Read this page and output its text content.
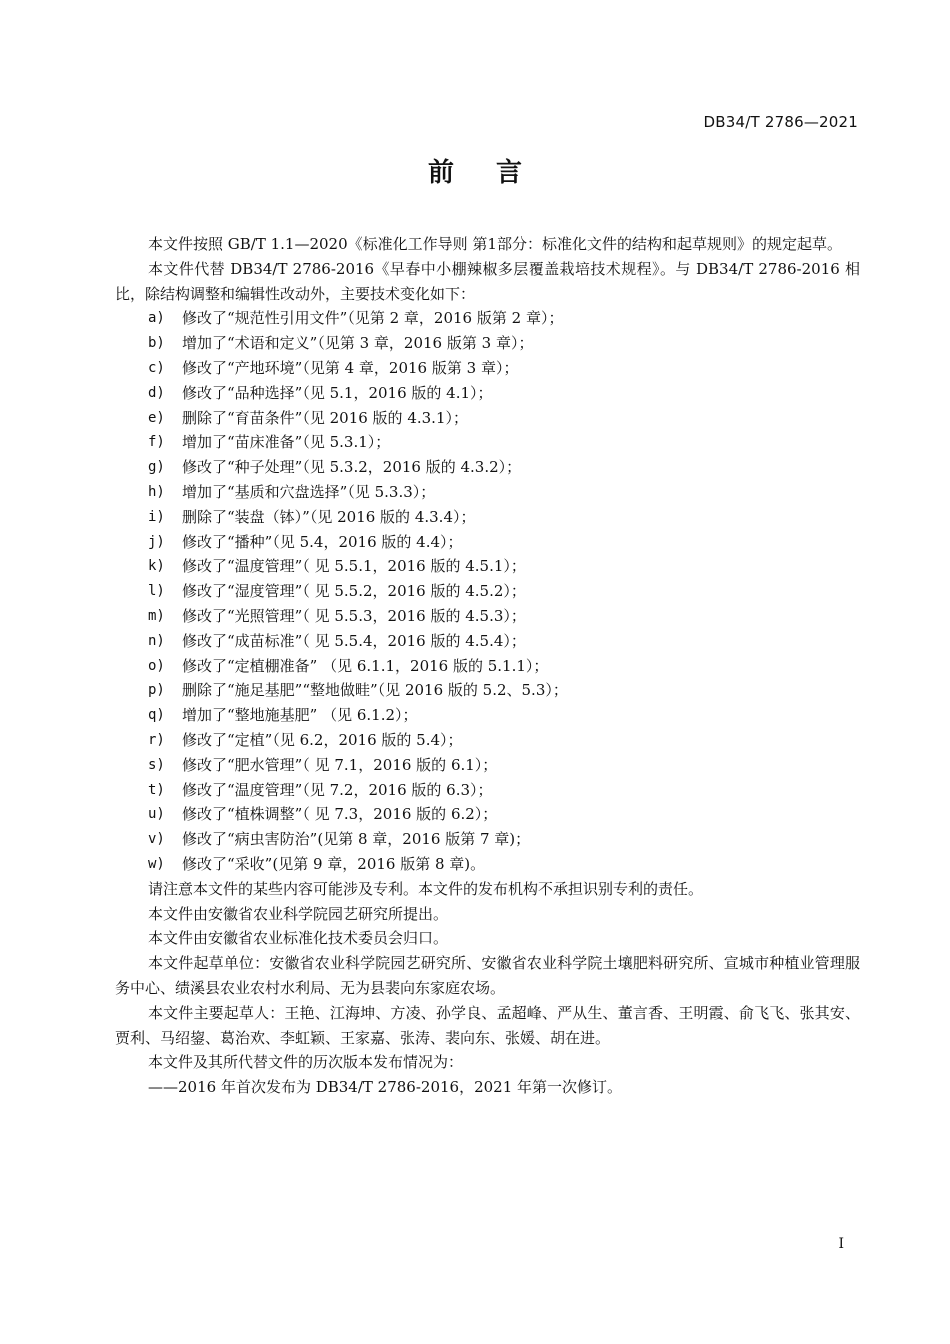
DB34/T 2786—2021
前言

本文件按照 GB/T 1.1—2020《标准化工作导则 第1部分：标准化文件的结构和起草规则》的规定起草。

本文件代替 DB34/T 2786-2016《早春中小棚辣椒多层覆盖栽培技术规程》。与 DB34/T 2786-2016 相比，除结构调整和编辑性改动外，主要技术变化如下：

a)	修改了“规范性引用文件”（见第 2 章，2016 版第 2 章）；
b)	增加了“术语和定义”（见第 3 章，2016 版第 3 章）；
c)	修改了“产地环境”（见第 4 章，2016 版第 3 章）；
d)	修改了“品种选择”（见 5.1，2016 版的 4.1）；
e)	删除了“育苗条件”（见 2016 版的 4.3.1）；
f)	增加了“苗床准备”（见 5.3.1）；
g)	修改了“种子处理”（见 5.3.2，2016 版的 4.3.2）；
h)	增加了“基质和穴盘选择”（见 5.3.3）；
i)	删除了“装盘（钵）”（见 2016 版的 4.3.4）；
j)	修改了“播种”（见 5.4，2016 版的 4.4）；
k)	修改了“温度管理”（ 见 5.5.1，2016 版的 4.5.1）；
l)	修改了“湿度管理”（ 见 5.5.2，2016 版的 4.5.2）；
m)	修改了“光照管理”（ 见 5.5.3，2016 版的 4.5.3）；
n)	修改了“成苗标准”（ 见 5.5.4，2016 版的 4.5.4）；
o)	修改了“定植棚准备” （见 6.1.1，2016 版的 5.1.1）；
p)	删除了“施足基肥”“整地做畦”（见 2016 版的 5.2、5.3）；
q)	增加了“整地施基肥” （见 6.1.2）；
r)	修改了“定植”（见 6.2，2016 版的 5.4）；
s)	修改了“肥水管理”（ 见 7.1，2016 版的 6.1）；
t)	修改了“温度管理”（见 7.2，2016 版的 6.3）；
u)	修改了“植株调整”（ 见 7.3，2016 版的 6.2）；
v)	修改了“病虫害防治”(见第 8 章，2016 版第 7 章)；
w)	修改了“采收”(见第 9 章，2016 版第 8 章)。

请注意本文件的某些内容可能涉及专利。本文件的发布机构不承担识别专利的责任。

本文件由安徽省农业科学院园艺研究所提出。

本文件由安徽省农业标准化技术委员会归口。

本文件起草单位：安徽省农业科学院园艺研究所、安徽省农业科学院土壤肥料研究所、宣城市种植业管理服务中心、绩溪县农业农村水利局、无为县裴向东家庭农场。

本文件主要起草人：王艳、江海坤、方凌、孙学良、孟超峰、严从生、董言香、王明霞、俞飞飞、张其安、贾利、马绍鋆、葛治欢、李虹颖、王家嘉、张涛、裴向东、张媛、胡在进。

本文件及其所代替文件的历次版本发布情况为：

——2016 年首次发布为 DB34/T 2786-2016，2021 年第一次修订。

I
